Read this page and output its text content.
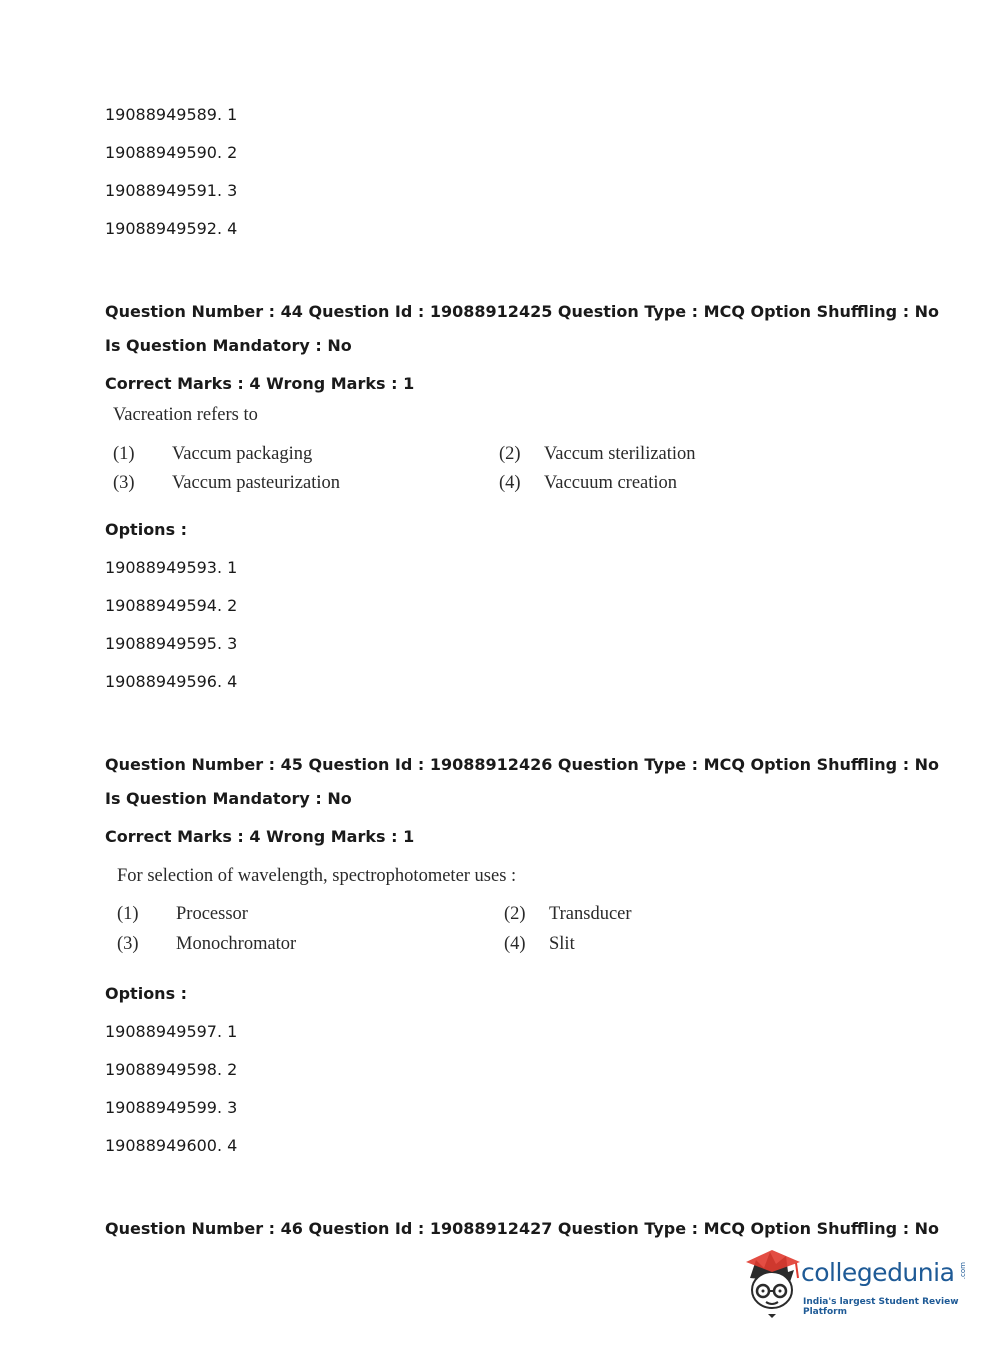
19088949589. 1
19088949590. 2
19088949591. 3
19088949592. 4
Question Number : 44 Question Id : 19088912425 Question Type : MCQ Option Shuffling : No
Is Question Mandatory : No
Correct Marks : 4 Wrong Marks : 1
Vacreation refers to
(1) Vaccum packaging	(2) Vaccum sterilization
(3) Vaccum pasteurization	(4) Vaccuum creation
Options :
19088949593. 1
19088949594. 2
19088949595. 3
19088949596. 4
Question Number : 45 Question Id : 19088912426 Question Type : MCQ Option Shuffling : No
Is Question Mandatory : No
Correct Marks : 4 Wrong Marks : 1
For selection of wavelength, spectrophotometer uses :
(1) Processor	(2) Transducer
(3) Monochromator	(4) Slit
Options :
19088949597. 1
19088949598. 2
19088949599. 3
19088949600. 4
Question Number : 46 Question Id : 19088912427 Question Type : MCQ Option Shuffling : No
collegedunia .com
India's largest Student Review Platform
